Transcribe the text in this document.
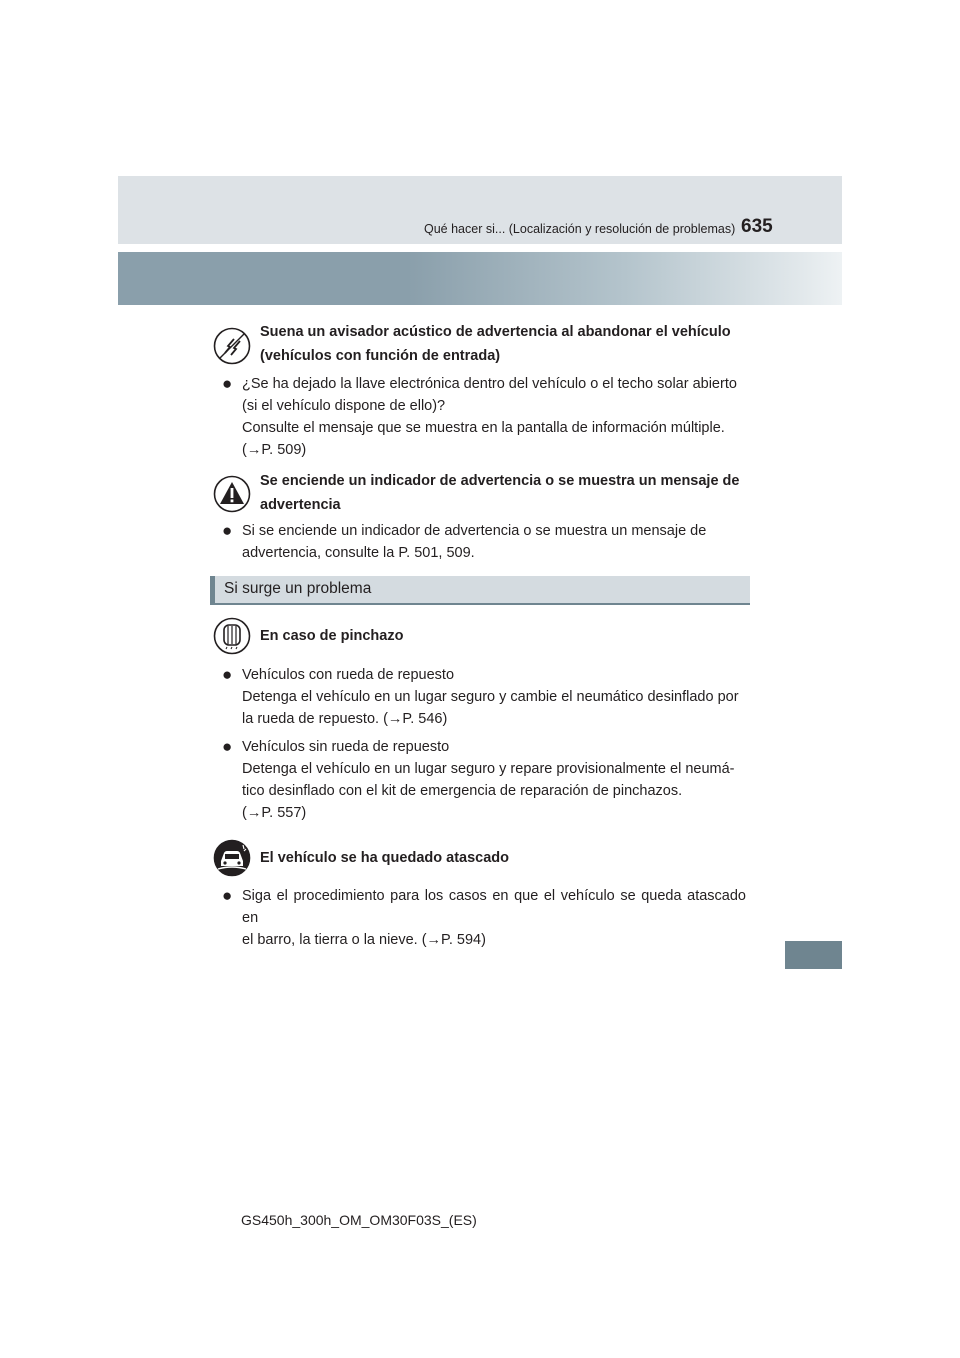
Qué hacer si... (Localización y resolución de problemas) 635
Suena un avisador acústico de advertencia al abandonar el vehículo
(vehículos con función de entrada)
● ¿Se ha dejado la llave electrónica dentro del vehículo o el techo solar abierto
(si el vehículo dispone de ello)?
Consulte el mensaje que se muestra en la pantalla de información múltiple.
(→P. 509)
Se enciende un indicador de advertencia o se muestra un mensaje de
advertencia
● Si se enciende un indicador de advertencia o se muestra un mensaje de
advertencia, consulte la P. 501, 509.
Si surge un problema
En caso de pinchazo
● Vehículos con rueda de repuesto
Detenga el vehículo en un lugar seguro y cambie el neumático desinflado por
la rueda de repuesto. (→P. 546)
● Vehículos sin rueda de repuesto
Detenga el vehículo en un lugar seguro y repare provisionalmente el neumá-
tico desinflado con el kit de emergencia de reparación de pinchazos.
(→P. 557)
El vehículo se ha quedado atascado
● Siga el procedimiento para los casos en que el vehículo se queda atascado en
el barro, la tierra o la nieve. (→P. 594)
GS450h_300h_OM_OM30F03S_(ES)
